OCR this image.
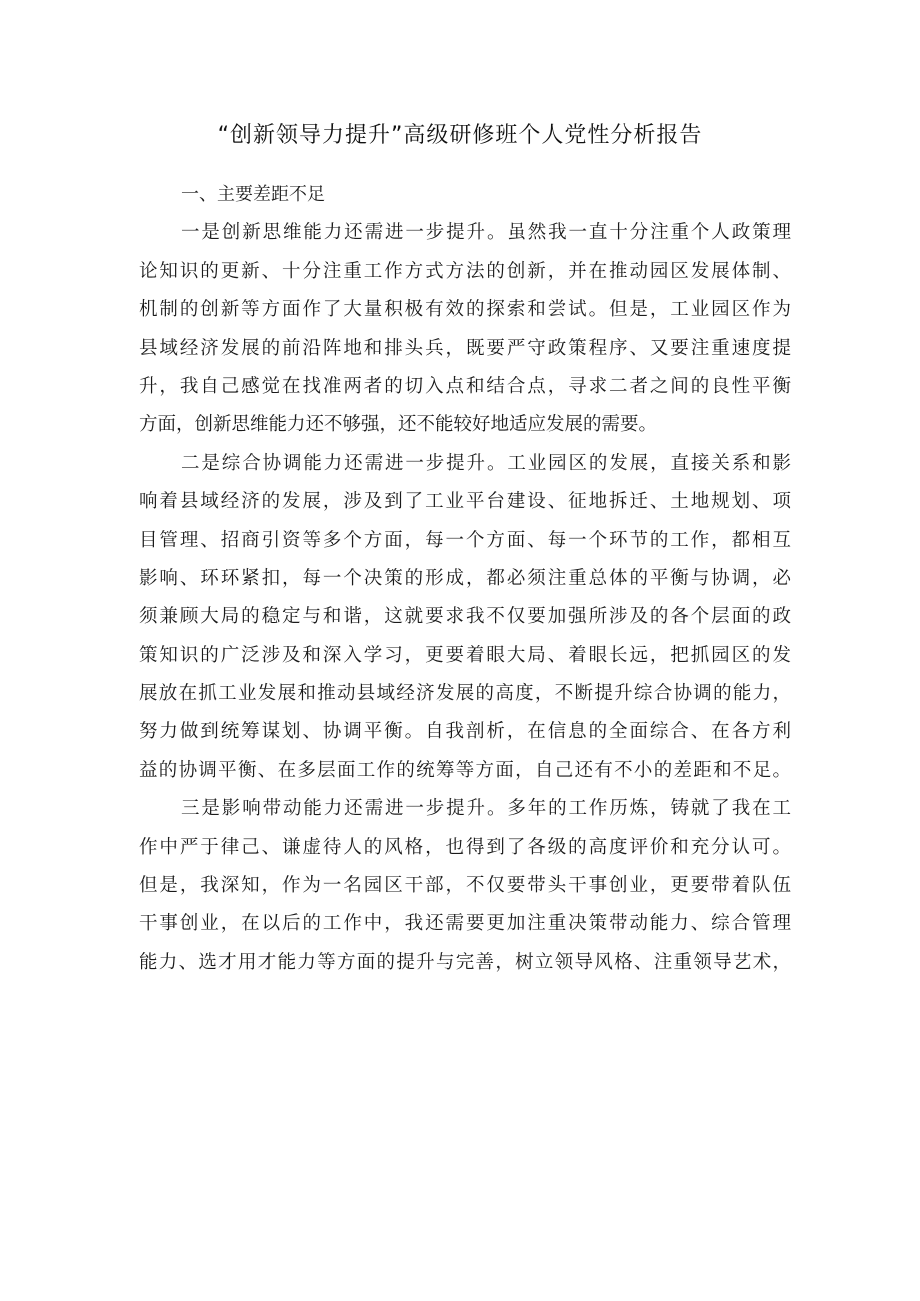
“创新领导力提升”高级研修班个人党性分析报告
一、主要差距不足
一是创新思维能力还需进一步提升。虽然我一直十分注重个人政策理
论知识的更新、十分注重工作方式方法的创新，并在推动园区发展体制、
机制的创新等方面作了大量积极有效的探索和尝试。但是，工业园区作为
县域经济发展的前沿阵地和排头兵，既要严守政策程序、又要注重速度提
升，我自己感觉在找准两者的切入点和结合点，寻求二者之间的良性平衡
方面，创新思维能力还不够强，还不能较好地适应发展的需要。
二是综合协调能力还需进一步提升。工业园区的发展，直接关系和影
响着县域经济的发展，涉及到了工业平台建设、征地拆迁、土地规划、项
目管理、招商引资等多个方面，每一个方面、每一个环节的工作，都相互
影响、环环紧扣，每一个决策的形成，都必须注重总体的平衡与协调，必
须兼顾大局的稳定与和谐，这就要求我不仅要加强所涉及的各个层面的政
策知识的广泛涉及和深入学习，更要着眼大局、着眼长远，把抓园区的发
展放在抓工业发展和推动县域经济发展的高度，不断提升综合协调的能力，
努力做到统筹谋划、协调平衡。自我剖析，在信息的全面综合、在各方利
益的协调平衡、在多层面工作的统筹等方面，自己还有不小的差距和不足。
三是影响带动能力还需进一步提升。多年的工作历炼，铸就了我在工
作中严于律己、谦虚待人的风格，也得到了各级的高度评价和充分认可。
但是，我深知，作为一名园区干部，不仅要带头干事创业，更要带着队伍
干事创业，在以后的工作中，我还需要更加注重决策带动能力、综合管理
能力、选才用才能力等方面的提升与完善，树立领导风格、注重领导艺术，
